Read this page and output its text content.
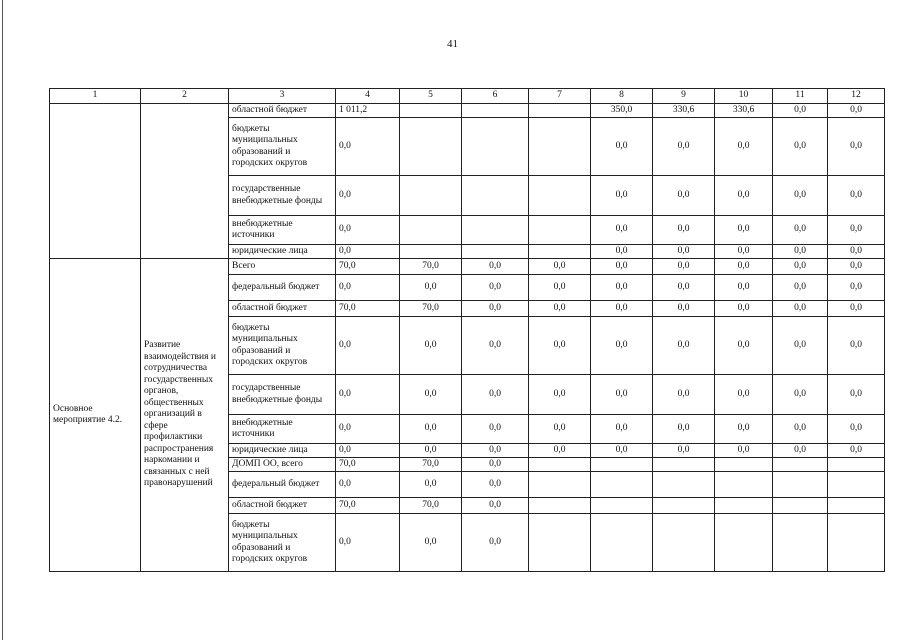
41
1	2	3	4	5	6	7	8	9	10	11	12
		областной бюджет	1 011,2				350,0	330,6	330,6	0,0	0,0
		бюджеты муниципальных образований и городских округов	0,0				0,0	0,0	0,0	0,0	0,0
		государственные внебюджетные фонды	0,0				0,0	0,0	0,0	0,0	0,0
		внебюджетные источники	0,0				0,0	0,0	0,0	0,0	0,0
		юридические лица	0,0				0,0	0,0	0,0	0,0	0,0
Основное мероприятие 4.2.	Развитие взаимодействия и сотрудничества государственных органов, общественных организаций в сфере профилактики распространения наркомании и связанных с ней правонарушений	Всего	70,0	70,0	0,0	0,0	0,0	0,0	0,0	0,0	0,0
		федеральный бюджет	0,0	0,0	0,0	0,0	0,0	0,0	0,0	0,0	0,0
		областной бюджет	70,0	70,0	0,0	0,0	0,0	0,0	0,0	0,0	0,0
		бюджеты муниципальных образований и городских округов	0,0	0,0	0,0	0,0	0,0	0,0	0,0	0,0	0,0
		государственные внебюджетные фонды	0,0	0,0	0,0	0,0	0,0	0,0	0,0	0,0	0,0
		внебюджетные источники	0,0	0,0	0,0	0,0	0,0	0,0	0,0	0,0	0,0
		юридические лица	0,0	0,0	0,0	0,0	0,0	0,0	0,0	0,0	0,0
		ДОМП ОО, всего	70,0	70,0	0,0						
		федеральный бюджет	0,0	0,0	0,0						
		областной бюджет	70,0	70,0	0,0						
		бюджеты муниципальных образований и городских округов	0,0	0,0	0,0						
